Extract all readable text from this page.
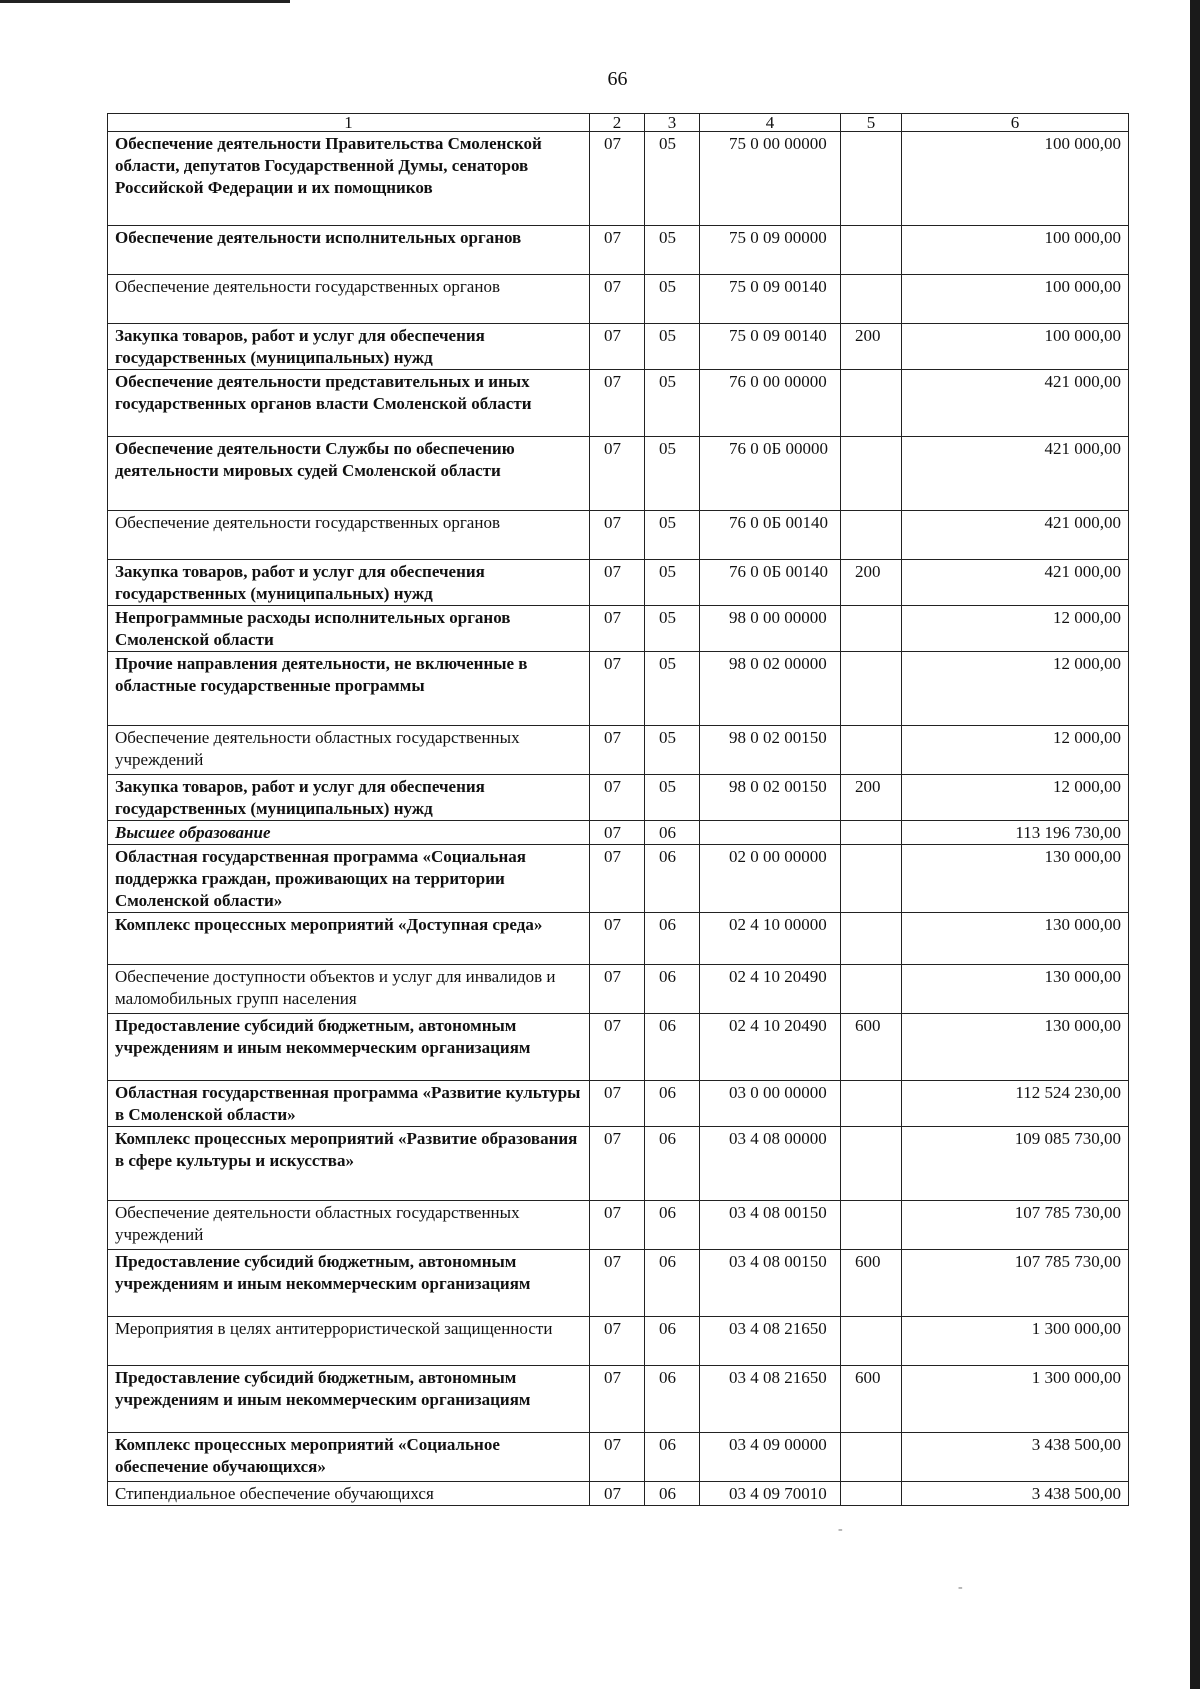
66
1	2	3	4	5	6
Обеспечение деятельности Правительства Смоленской области, депутатов Государственной Думы, сенаторов Российской Федерации и их помощников	07	05	75 0 00 00000		100 000,00
Обеспечение деятельности исполнительных органов	07	05	75 0 09 00000		100 000,00
Обеспечение деятельности государственных органов	07	05	75 0 09 00140		100 000,00
Закупка товаров, работ и услуг для обеспечения государственных (муниципальных) нужд	07	05	75 0 09 00140	200	100 000,00
Обеспечение деятельности представительных и иных государственных органов власти Смоленской области	07	05	76 0 00 00000		421 000,00
Обеспечение деятельности Службы по обеспечению деятельности мировых судей Смоленской области	07	05	76 0 0Б 00000		421 000,00
Обеспечение деятельности государственных органов	07	05	76 0 0Б 00140		421 000,00
Закупка товаров, работ и услуг для обеспечения государственных (муниципальных) нужд	07	05	76 0 0Б 00140	200	421 000,00
Непрограммные расходы исполнительных органов Смоленской области	07	05	98 0 00 00000		12 000,00
Прочие направления деятельности, не включенные в областные государственные программы	07	05	98 0 02 00000		12 000,00
Обеспечение деятельности областных государственных учреждений	07	05	98 0 02 00150		12 000,00
Закупка товаров, работ и услуг для обеспечения государственных (муниципальных) нужд	07	05	98 0 02 00150	200	12 000,00
Высшее образование	07	06			113 196 730,00
Областная государственная программа «Социальная поддержка граждан, проживающих на территории Смоленской области»	07	06	02 0 00 00000		130 000,00
Комплекс процессных мероприятий «Доступная среда»	07	06	02 4 10 00000		130 000,00
Обеспечение доступности объектов и услуг для инвалидов и маломобильных групп населения	07	06	02 4 10 20490		130 000,00
Предоставление субсидий бюджетным, автономным учреждениям и иным некоммерческим организациям	07	06	02 4 10 20490	600	130 000,00
Областная государственная программа «Развитие культуры в Смоленской области»	07	06	03 0 00 00000		112 524 230,00
Комплекс процессных мероприятий «Развитие образования в сфере культуры и искусства»	07	06	03 4 08 00000		109 085 730,00
Обеспечение деятельности областных государственных учреждений	07	06	03 4 08 00150		107 785 730,00
Предоставление субсидий бюджетным, автономным учреждениям и иным некоммерческим организациям	07	06	03 4 08 00150	600	107 785 730,00
Мероприятия в целях антитеррористической защищенности	07	06	03 4 08 21650		1 300 000,00
Предоставление субсидий бюджетным, автономным учреждениям и иным некоммерческим организациям	07	06	03 4 08 21650	600	1 300 000,00
Комплекс процессных мероприятий «Социальное обеспечение обучающихся»	07	06	03 4 09 00000		3 438 500,00
Стипендиальное обеспечение обучающихся	07	06	03 4 09 70010		3 438 500,00
-
-
